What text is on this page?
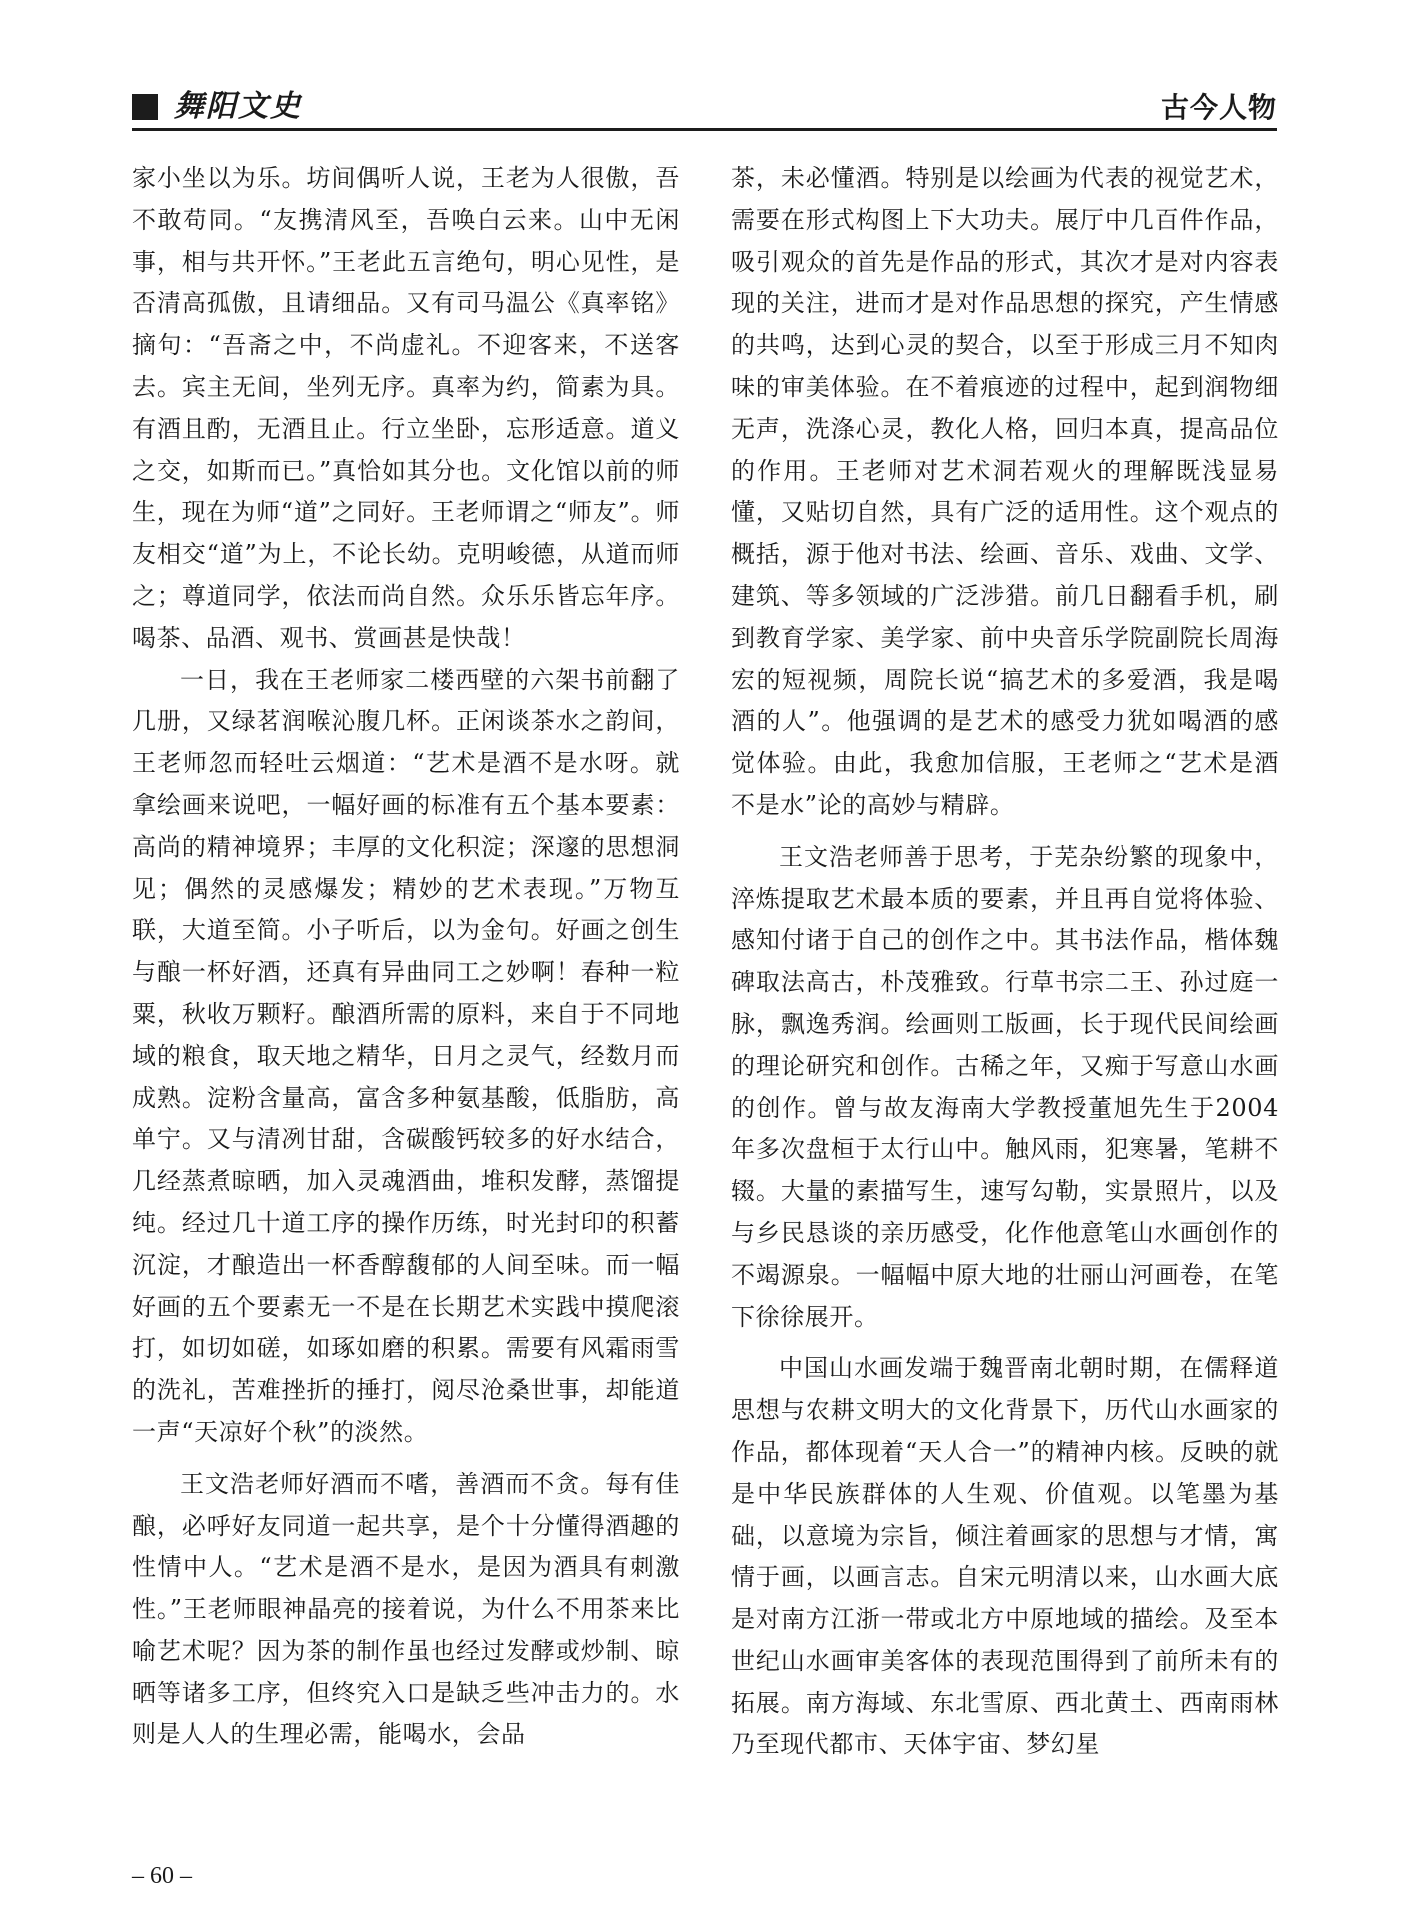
舞阳文史	古今人物

家小坐以为乐。坊间偶听人说，王老为人很傲，吾不敢苟同。“友携清风至，吾唤白云来。山中无闲事，相与共开怀。”王老此五言绝句，明心见性，是否清高孤傲，且请细品。又有司马温公《真率铭》摘句：“吾斋之中，不尚虚礼。不迎客来，不送客去。宾主无间，坐列无序。真率为约，简素为具。有酒且酌，无酒且止。行立坐卧，忘形适意。道义之交，如斯而已。”真恰如其分也。文化馆以前的师生，现在为师“道”之同好。王老师谓之“师友”。师友相交“道”为上，不论长幼。克明峻德，从道而师之；尊道同学，依法而尚自然。众乐乐皆忘年序。喝茶、品酒、观书、赏画甚是快哉！

一日，我在王老师家二楼西壁的六架书前翻了几册，又绿茗润喉沁腹几杯。正闲谈茶水之韵间，王老师忽而轻吐云烟道：“艺术是酒不是水呀。就拿绘画来说吧，一幅好画的标准有五个基本要素：高尚的精神境界；丰厚的文化积淀；深邃的思想洞见；偶然的灵感爆发；精妙的艺术表现。”万物互联，大道至简。小子听后，以为金句。好画之创生与酿一杯好酒，还真有异曲同工之妙啊！春种一粒粟，秋收万颗籽。酿酒所需的原料，来自于不同地域的粮食，取天地之精华，日月之灵气，经数月而成熟。淀粉含量高，富含多种氨基酸，低脂肪，高单宁。又与清冽甘甜，含碳酸钙较多的好水结合，几经蒸煮晾晒，加入灵魂酒曲，堆积发酵，蒸馏提纯。经过几十道工序的操作历练，时光封印的积蓄沉淀，才酿造出一杯香醇馥郁的人间至味。而一幅好画的五个要素无一不是在长期艺术实践中摸爬滚打，如切如磋，如琢如磨的积累。需要有风霜雨雪的洗礼，苦难挫折的捶打，阅尽沧桑世事，却能道一声“天凉好个秋”的淡然。

王文浩老师好酒而不嗜，善酒而不贪。每有佳酿，必呼好友同道一起共享，是个十分懂得酒趣的性情中人。“艺术是酒不是水，是因为酒具有刺激性。”王老师眼神晶亮的接着说，为什么不用茶来比喻艺术呢？因为茶的制作虽也经过发酵或炒制、晾晒等诸多工序，但终究入口是缺乏些冲击力的。水则是人人的生理必需，能喝水，会品

茶，未必懂酒。特别是以绘画为代表的视觉艺术，需要在形式构图上下大功夫。展厅中几百件作品，吸引观众的首先是作品的形式，其次才是对内容表现的关注，进而才是对作品思想的探究，产生情感的共鸣，达到心灵的契合，以至于形成三月不知肉味的审美体验。在不着痕迹的过程中，起到润物细无声，洗涤心灵，教化人格，回归本真，提高品位的作用。王老师对艺术洞若观火的理解既浅显易懂，又贴切自然，具有广泛的适用性。这个观点的概括，源于他对书法、绘画、音乐、戏曲、文学、建筑、等多领域的广泛涉猎。前几日翻看手机，刷到教育学家、美学家、前中央音乐学院副院长周海宏的短视频，周院长说“搞艺术的多爱酒，我是喝酒的人”。他强调的是艺术的感受力犹如喝酒的感觉体验。由此，我愈加信服，王老师之“艺术是酒不是水”论的高妙与精辟。

王文浩老师善于思考，于芜杂纷繁的现象中，淬炼提取艺术最本质的要素，并且再自觉将体验、感知付诸于自己的创作之中。其书法作品，楷体魏碑取法高古，朴茂雅致。行草书宗二王、孙过庭一脉，飘逸秀润。绘画则工版画，长于现代民间绘画的理论研究和创作。古稀之年，又痴于写意山水画的创作。曾与故友海南大学教授董旭先生于2004年多次盘桓于太行山中。触风雨，犯寒暑，笔耕不辍。大量的素描写生，速写勾勒，实景照片，以及与乡民恳谈的亲历感受，化作他意笔山水画创作的不竭源泉。一幅幅中原大地的壮丽山河画卷，在笔下徐徐展开。

中国山水画发端于魏晋南北朝时期，在儒释道思想与农耕文明大的文化背景下，历代山水画家的作品，都体现着“天人合一”的精神内核。反映的就是中华民族群体的人生观、价值观。以笔墨为基础，以意境为宗旨，倾注着画家的思想与才情，寓情于画，以画言志。自宋元明清以来，山水画大底是对南方江浙一带或北方中原地域的描绘。及至本世纪山水画审美客体的表现范围得到了前所未有的拓展。南方海域、东北雪原、西北黄土、西南雨林乃至现代都市、天体宇宙、梦幻星

– 60 –
